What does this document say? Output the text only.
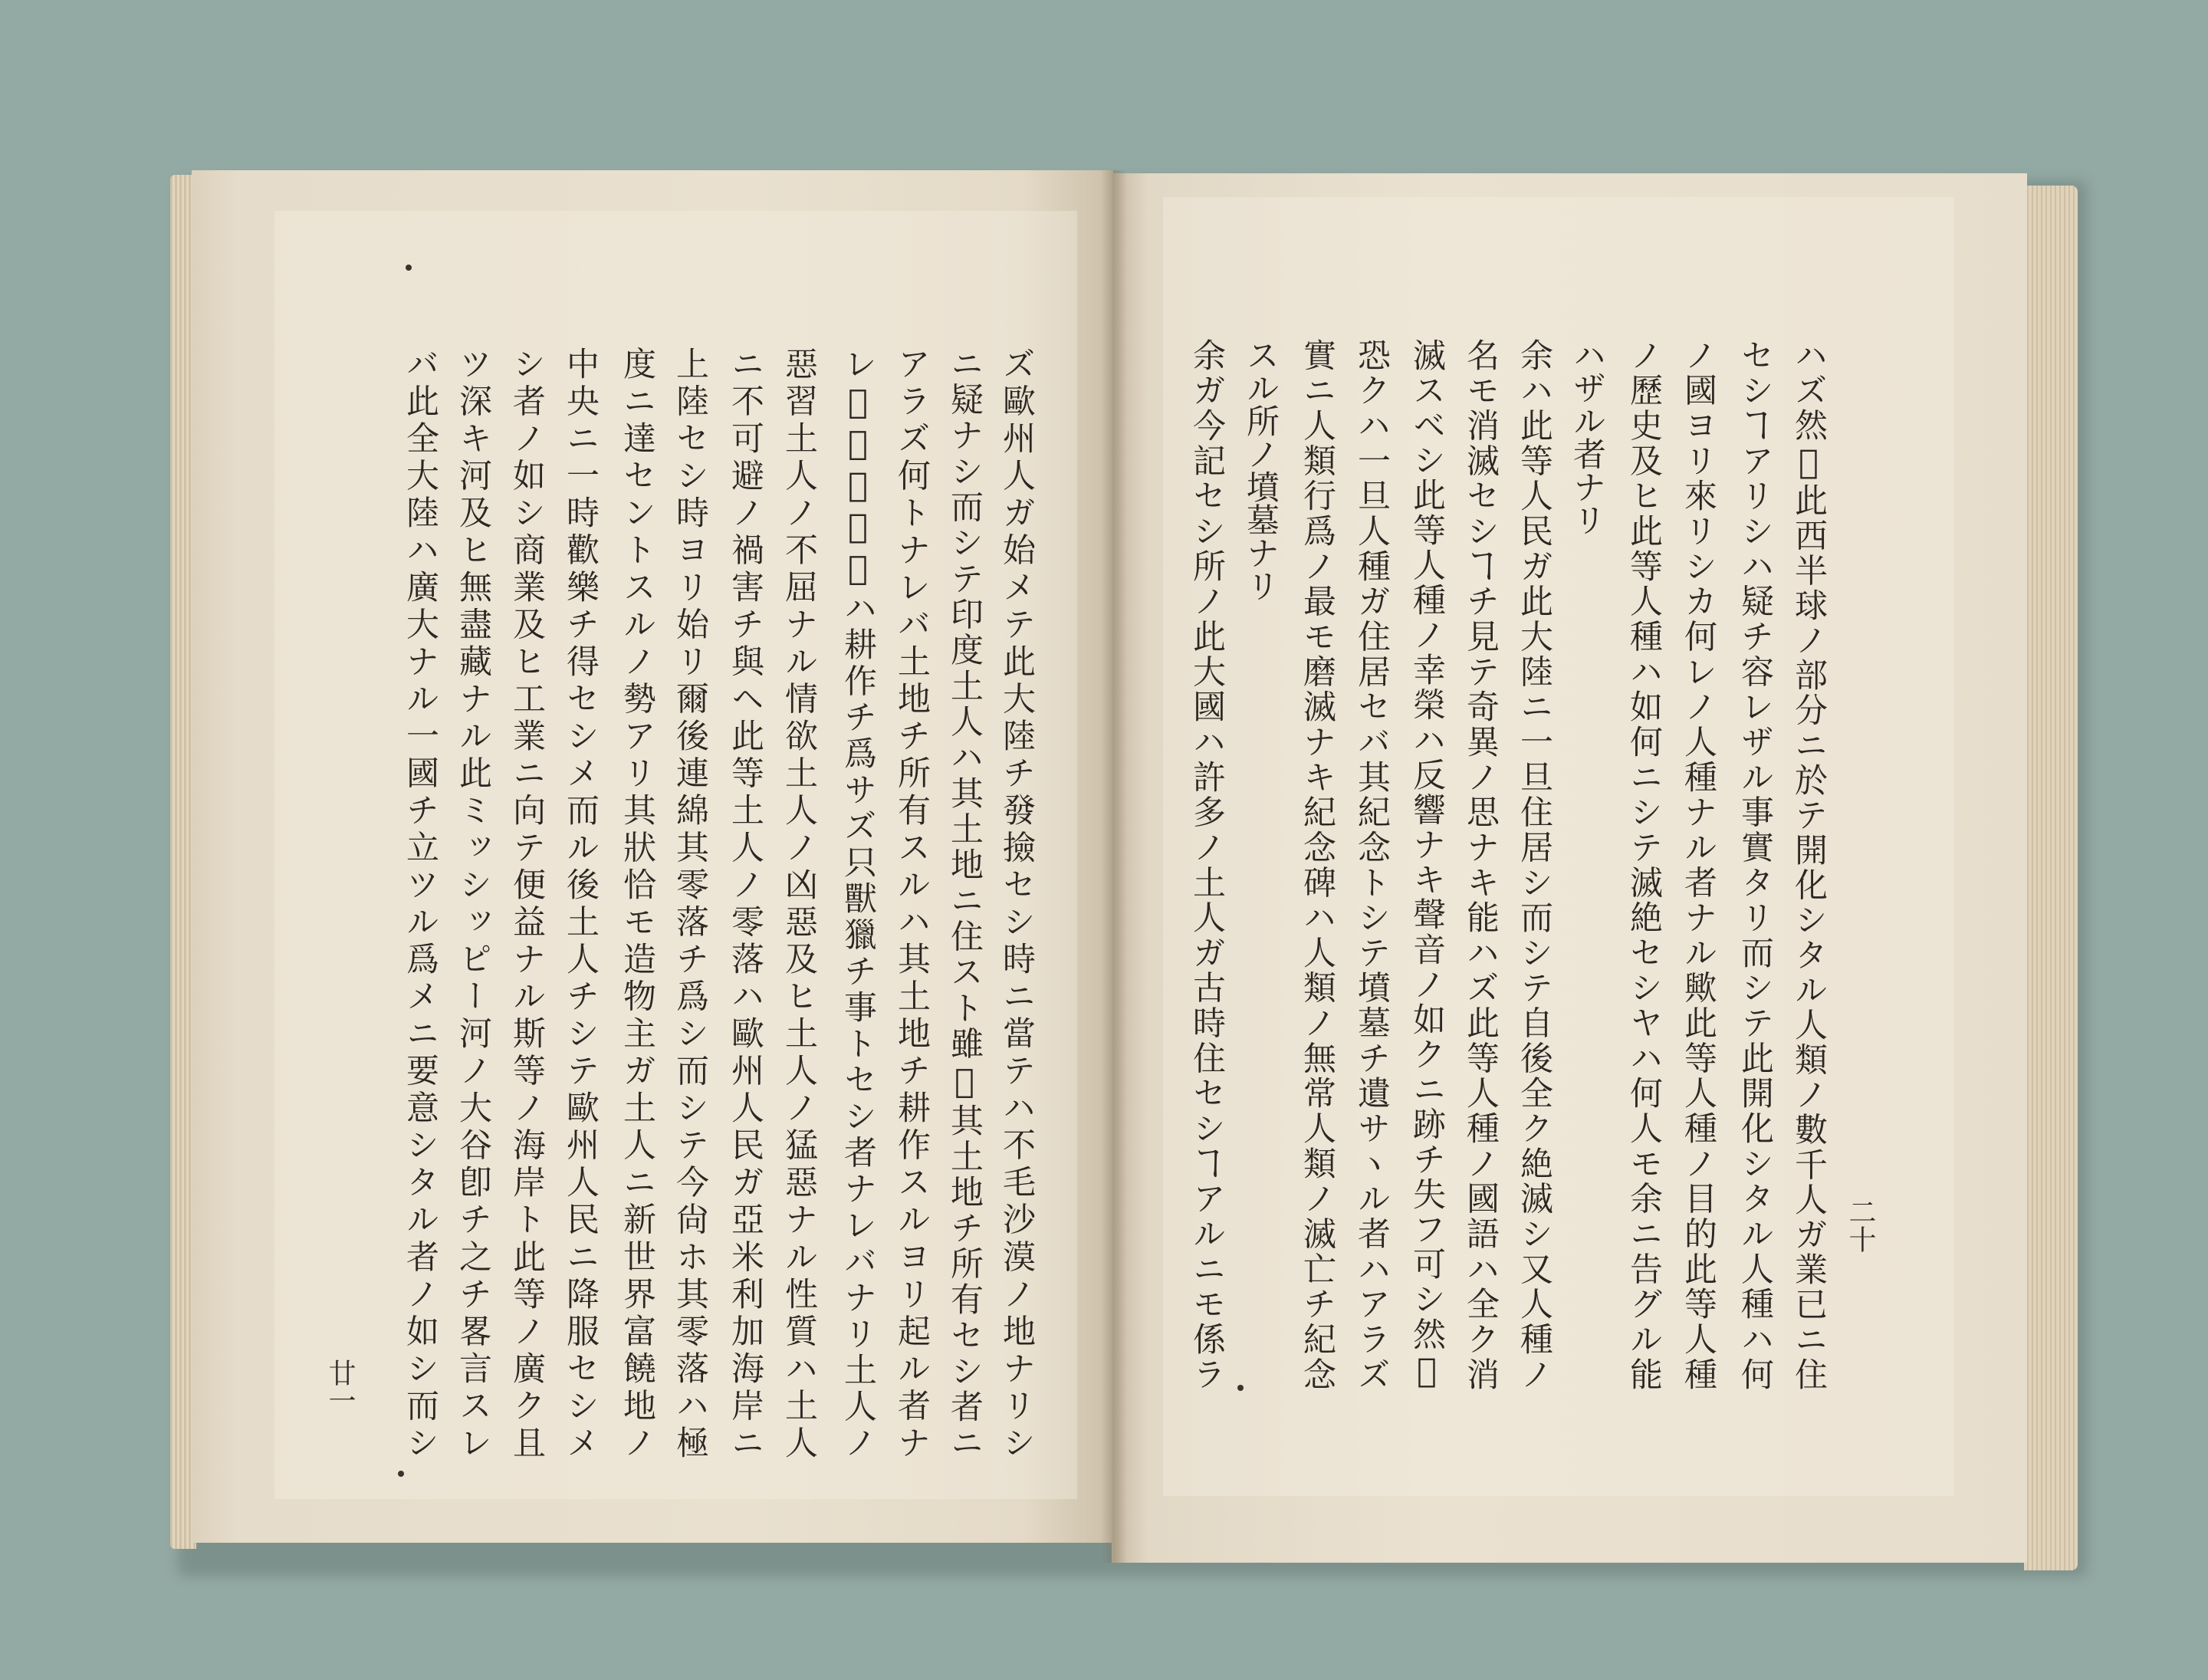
ハズ然𪜈此西半球ノ部分ニ於テ開化シタル人類ノ數千人ガ業已ニ住
セシヿアリシハ疑チ容レザル事實タリ而シテ此開化シタル人種ハ何
ノ國ヨリ來リシカ何レノ人種ナル者ナル歟此等人種ノ目的此等人種
ノ歷史及ヒ此等人種ハ如何ニシテ滅絶セシヤハ何人モ余ニ告グル能
ハザル者ナリ
余ハ此等人民ガ此大陸ニ一旦住居シ而シテ自後全ク絶滅シ又人種ノ
名モ消滅セシヿチ見テ奇異ノ思ナキ能ハズ此等人種ノ國語ハ全ク消
滅スベシ此等人種ノ幸榮ハ反響ナキ聲音ノ如クニ跡チ失フ可シ然𪜈
恐クハ一旦人種ガ住居セバ其紀念トシテ墳墓チ遺サヽル者ハアラズ
實ニ人類行爲ノ最モ磨滅ナキ紀念碑ハ人類ノ無常人類ノ滅亡チ紀念
スル所ノ墳墓ナリ
余ガ今記セシ所ノ此大國ハ許多ノ土人ガ古時住セシヿアルニモ係ラ	二十
ズ歐州人ガ始メテ此大陸チ發撿セシ時ニ當テハ不毛沙漠ノ地ナリシ
ニ疑ナシ而シテ印度土人ハ其土地ニ住スト雖𪜈其土地チ所有セシ者ニ
アラズ何トナレバ土地チ所有スルハ其土地チ耕作スルヨリ起ル者ナ
レ𪜈北米土人ハ耕作チ爲サズ只獸獵チ事トセシ者ナレバナリ土人ノ
惡習土人ノ不屈ナル情欲土人ノ凶惡及ヒ土人ノ猛惡ナル性質ハ土人
ニ不可避ノ禍害チ與ヘ此等土人ノ零落ハ歐州人民ガ亞米利加海岸ニ
上陸セシ時ヨリ始リ爾後連綿其零落チ爲シ而シテ今尙ホ其零落ハ極
度ニ達セントスルノ勢アリ其狀恰モ造物主ガ土人ニ新世界富饒地ノ
中央ニ一時歡樂チ得セシメ而ル後土人チシテ歐州人民ニ降服セシメ
シ者ノ如シ商業及ヒ工業ニ向テ便益ナル斯等ノ海岸ト此等ノ廣ク且
ツ深キ河及ヒ無盡藏ナル此ミッシッピー河ノ大谷卽チ之チ畧言スレ
バ此全大陸ハ廣大ナル一國チ立ツル爲メニ要意シタル者ノ如シ而シ
廿一
